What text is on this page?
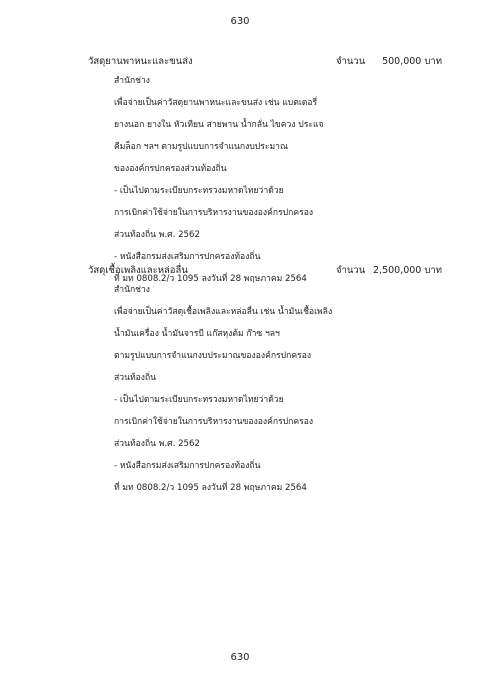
630
วัสดุยานพาหนะและขนส่ง	จำนวน 500,000 บาท
สำนักช่าง
เพื่อจ่ายเป็นค่าวัสดุยานพาหนะและขนส่ง เช่น แบตเตอรี่
ยางนอก ยางใน หัวเทียน สายพาน น้ำกลั่น ไขควง ประแจ
คีมล็อก ฯลฯ ตามรูปแบบการจำแนกงบประมาณ
ขององค์กรปกครองส่วนท้องถิ่น
- เป็นไปตามระเบียบกระทรวงมหาดไทยว่าด้วย
การเบิกค่าใช้จ่ายในการบริหารงานขององค์กรปกครอง
ส่วนท้องถิ่น พ.ศ. 2562
- หนังสือกรมส่งเสริมการปกครองท้องถิ่น
ที่ มท 0808.2/ว 1095 ลงวันที่ 28 พฤษภาคม 2564
วัสดุเชื้อเพลิงและหล่อลื่น	จำนวน 2,500,000 บาท
สำนักช่าง
เพื่อจ่ายเป็นค่าวัสดุเชื้อเพลิงและหล่อลื่น เช่น น้ำมันเชื้อเพลิง
น้ำมันเครื่อง น้ำมันจารบี แก๊สหุงต้ม ก๊าซ ฯลฯ
ตามรูปแบบการจำแนกงบประมาณขององค์กรปกครอง
ส่วนท้องถิ่น
- เป็นไปตามระเบียบกระทรวงมหาดไทยว่าด้วย
การเบิกค่าใช้จ่ายในการบริหารงานขององค์กรปกครอง
ส่วนท้องถิ่น พ.ศ. 2562
- หนังสือกรมส่งเสริมการปกครองท้องถิ่น
ที่ มท 0808.2/ว 1095 ลงวันที่ 28 พฤษภาคม 2564
630
